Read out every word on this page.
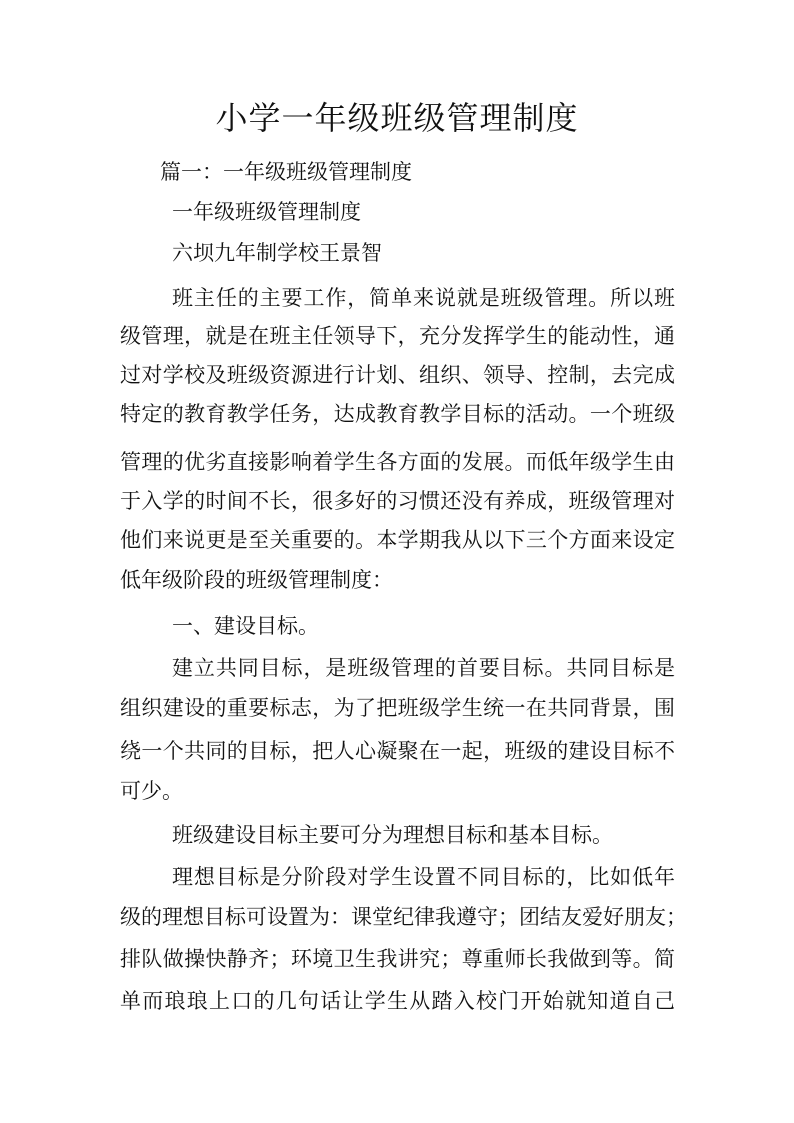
小学一年级班级管理制度

篇一：一年级班级管理制度

一年级班级管理制度

六坝九年制学校王景智

班主任的主要工作，简单来说就是班级管理。所以班

级管理，就是在班主任领导下，充分发挥学生的能动性，通

过对学校及班级资源进行计划、组织、领导、控制，去完成

特定的教育教学任务，达成教育教学目标的活动。一个班级

管理的优劣直接影响着学生各方面的发展。而低年级学生由

于入学的时间不长，很多好的习惯还没有养成，班级管理对

他们来说更是至关重要的。本学期我从以下三个方面来设定

低年级阶段的班级管理制度：

一、建设目标。

建立共同目标，是班级管理的首要目标。共同目标是

组织建设的重要标志，为了把班级学生统一在共同背景，围

绕一个共同的目标，把人心凝聚在一起，班级的建设目标不

可少。

班级建设目标主要可分为理想目标和基本目标。

理想目标是分阶段对学生设置不同目标的，比如低年

级的理想目标可设置为：课堂纪律我遵守；团结友爱好朋友；

排队做操快静齐；环境卫生我讲究；尊重师长我做到等。简

单而琅琅上口的几句话让学生从踏入校门开始就知道自己
